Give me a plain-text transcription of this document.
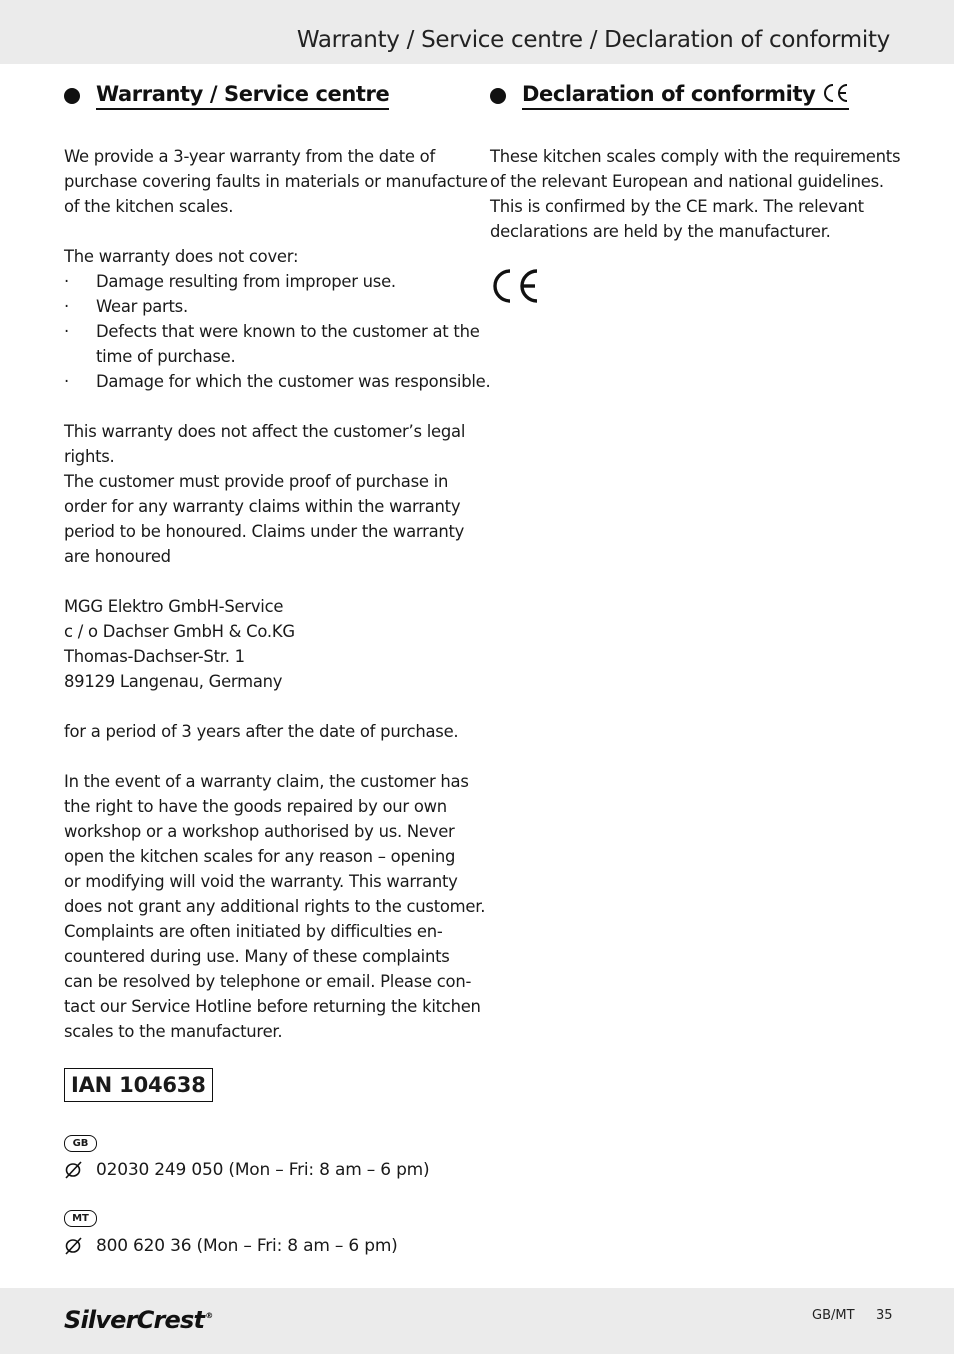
Warranty / Service centre / Declaration of conformity
Warranty / Service centre
We provide a 3-year warranty from the date of
purchase covering faults in materials or manufacture
of the kitchen scales.
The warranty does not cover:
· Damage resulting from improper use.
· Wear parts.
· Defects that were known to the customer at the
time of purchase.
· Damage for which the customer was responsible.
This warranty does not affect the customer’s legal
rights.
The customer must provide proof of purchase in
order for any warranty claims within the warranty
period to be honoured. Claims under the warranty
are honoured
MGG Elektro GmbH-Service
c / o Dachser GmbH & Co.KG
Thomas-Dachser-Str. 1
89129 Langenau, Germany
for a period of 3 years after the date of purchase.
In the event of a warranty claim, the customer has
the right to have the goods repaired by our own
workshop or a workshop authorised by us. Never
open the kitchen scales for any reason – opening
or modifying will void the warranty. This warranty
does not grant any additional rights to the customer.
Complaints are often initiated by difficulties en-
countered during use. Many of these complaints
can be resolved by telephone or email. Please con-
tact our Service Hotline before returning the kitchen
scales to the manufacturer.
IAN 104638
GB
02030 249 050 (Mon – Fri: 8 am – 6 pm)
MT
800 620 36 (Mon – Fri: 8 am – 6 pm)
Declaration of conformity
These kitchen scales comply with the requirements
of the relevant European and national guidelines.
This is confirmed by the CE mark. The relevant
declarations are held by the manufacturer.
SilverCrest®	GB/MT 35
